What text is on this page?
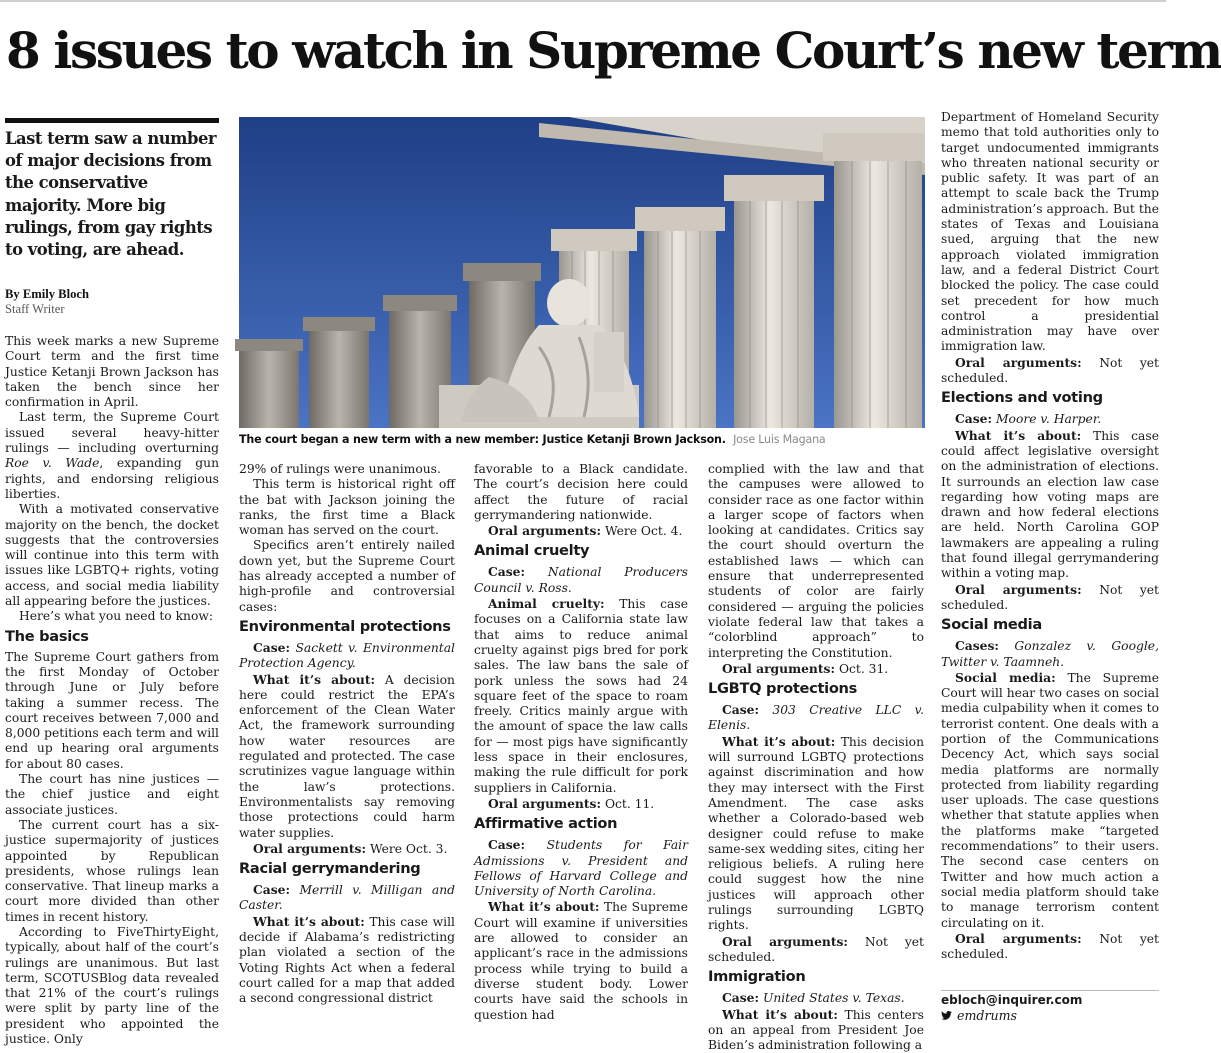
8 issues to watch in Supreme Court’s new term
Last term saw a number of major decisions from the conservative majority. More big rulings, from gay rights to voting, are ahead.
By Emily Bloch
Staff Writer

This week marks a new Supreme Court term and the first time Justice Ketanji Brown Jackson has taken the bench since her confirmation in April.

Last term, the Supreme Court issued several heavy-hitter rulings — including overturning Roe v. Wade, expanding gun rights, and endorsing religious liberties.

With a motivated conservative majority on the bench, the docket suggests that the controversies will continue into this term with issues like LGBTQ+ rights, voting access, and social media liability all appearing before the justices.

Here’s what you need to know:

The basics

The Supreme Court gathers from the first Monday of October through June or July before taking a summer recess. The court receives between 7,000 and 8,000 petitions each term and will end up hearing oral arguments for about 80 cases.

The court has nine justices — the chief justice and eight associate justices.

The current court has a six-justice supermajority of justices appointed by Republican presidents, whose rulings lean conservative. That lineup marks a court more divided than other times in recent history.

According to FiveThirtyEight, typically, about half of the court’s rulings are unanimous. But last term, SCOTUSBlog data revealed that 21% of the court’s rulings were split by party line of the president who appointed the justice. Only

The court began a new term with a new member: Justice Ketanji Brown Jackson. Jose Luis Magana

29% of rulings were unanimous.

This term is historical right off the bat with Jackson joining the ranks, the first time a Black woman has served on the court.

Specifics aren’t entirely nailed down yet, but the Supreme Court has already accepted a number of high-profile and controversial cases:

Environmental protections

Case: Sackett v. Environmental Protection Agency.

What it’s about: A decision here could restrict the EPA’s enforcement of the Clean Water Act, the framework surrounding how water resources are regulated and protected. The case scrutinizes vague language within the law’s protections. Environmentalists say removing those protections could harm water supplies.

Oral arguments: Were Oct. 3.

Racial gerrymandering

Case: Merrill v. Milligan and Caster.

What it’s about: This case will decide if Alabama’s redistricting plan violated a section of the Voting Rights Act when a federal court called for a map that added a second congressional district

favorable to a Black candidate. The court’s decision here could affect the future of racial gerrymandering nationwide.

Oral arguments: Were Oct. 4.

Animal cruelty

Case: National Producers Council v. Ross.

Animal cruelty: This case focuses on a California state law that aims to reduce animal cruelty against pigs bred for pork sales. The law bans the sale of pork unless the sows had 24 square feet of the space to roam freely. Critics mainly argue with the amount of space the law calls for — most pigs have significantly less space in their enclosures, making the rule difficult for pork suppliers in California.

Oral arguments: Oct. 11.

Affirmative action

Case: Students for Fair Admissions v. President and Fellows of Harvard College and University of North Carolina.

What it’s about: The Supreme Court will examine if universities are allowed to consider an applicant’s race in the admissions process while trying to build a diverse student body. Lower courts have said the schools in question had

complied with the law and that the campuses were allowed to consider race as one factor within a larger scope of factors when looking at candidates. Critics say the court should overturn the established laws — which can ensure that underrepresented students of color are fairly considered — arguing the policies violate federal law that takes a “colorblind approach” to interpreting the Constitution.

Oral arguments: Oct. 31.

LGBTQ protections

Case: 303 Creative LLC v. Elenis.

What it’s about: This decision will surround LGBTQ protections against discrimination and how they may intersect with the First Amendment. The case asks whether a Colorado-based web designer could refuse to make same-sex wedding sites, citing her religious beliefs. A ruling here could suggest how the nine justices will approach other rulings surrounding LGBTQ rights.

Oral arguments: Not yet scheduled.

Immigration

Case: United States v. Texas.

What it’s about: This centers on an appeal from President Joe Biden’s administration following a

Department of Homeland Security memo that told authorities only to target undocumented immigrants who threaten national security or public safety. It was part of an attempt to scale back the Trump administration’s approach. But the states of Texas and Louisiana sued, arguing that the new approach violated immigration law, and a federal District Court blocked the policy. The case could set precedent for how much control a presidential administration may have over immigration law.

Oral arguments: Not yet scheduled.

Elections and voting

Case: Moore v. Harper.

What it’s about: This case could affect legislative oversight on the administration of elections. It surrounds an election law case regarding how voting maps are drawn and how federal elections are held. North Carolina GOP lawmakers are appealing a ruling that found illegal gerrymandering within a voting map.

Oral arguments: Not yet scheduled.

Social media

Cases: Gonzalez v. Google, Twitter v. Taamneh.

Social media: The Supreme Court will hear two cases on social media culpability when it comes to terrorist content. One deals with a portion of the Communications Decency Act, which says social media platforms are normally protected from liability regarding user uploads. The case questions whether that statute applies when the platforms make “targeted recommendations” to their users. The second case centers on Twitter and how much action a social media platform should take to manage terrorism content circulating on it.

Oral arguments: Not yet scheduled.

ebloch@inquirer.com
emdrums
